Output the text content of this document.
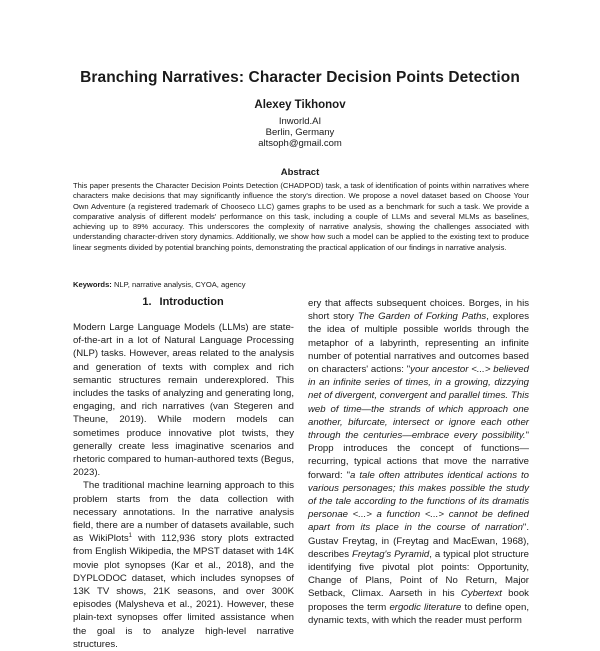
Branching Narratives: Character Decision Points Detection
Alexey Tikhonov
Inworld.AI
Berlin, Germany
altsoph@gmail.com
Abstract
This paper presents the Character Decision Points Detection (CHADPOD) task, a task of identification of points within narratives where characters make decisions that may significantly influence the story's direction. We propose a novel dataset based on Choose Your Own Adventure (a registered trademark of Chooseco LLC) games graphs to be used as a benchmark for such a task. We provide a comparative analysis of different models' performance on this task, including a couple of LLMs and several MLMs as baselines, achieving up to 89% accuracy. This underscores the complexity of narrative analysis, showing the challenges associated with understanding character-driven story dynamics. Additionally, we show how such a model can be applied to the existing text to produce linear segments divided by potential branching points, demonstrating the practical application of our findings in narrative analysis.
Keywords: NLP, narrative analysis, CYOA, agency
1. Introduction

Modern Large Language Models (LLMs) are state-of-the-art in a lot of Natural Language Processing (NLP) tasks. However, areas related to the analysis and generation of texts with complex and rich semantic structures remain underexplored. This includes the tasks of analyzing and generating long, engaging, and rich narratives (van Stegeren and Theune, 2019). While modern models can sometimes produce innovative plot twists, they generally create less imaginative scenarios and rhetoric compared to human-authored texts (Begus, 2023).

The traditional machine learning approach to this problem starts from the data collection with necessary annotations. In the narrative analysis field, there are a number of datasets available, such as WikiPlots$^1$ with 112,936 story plots extracted from English Wikipedia, the MPST dataset with 14K movie plot synopses (Kar et al., 2018), and the DYPLODOC dataset, which includes synopses of 13K TV shows, 21K seasons, and over 300K episodes (Malysheva et al., 2021). However, these plain-text synopses offer limited assistance when the goal is to analyze high-level narrative structures.

ery that affects subsequent choices. Borges, in his short story The Garden of Forking Paths, explores the idea of multiple possible worlds through the metaphor of a labyrinth, representing an infinite number of potential narratives and outcomes based on characters' actions: "your ancestor <...> believed in an infinite series of times, in a growing, dizzying net of divergent, convergent and parallel times. This web of time—the strands of which approach one another, bifurcate, intersect or ignore each other through the centuries—embrace every possibility." Propp introduces the concept of functions—recurring, typical actions that move the narrative forward: "a tale often attributes identical actions to various personages; this makes possible the study of the tale according to the functions of its dramatis personae <...> a function <...> cannot be defined apart from its place in the course of narration". Gustav Freytag, in (Freytag and MacEwan, 1968), describes Freytag's Pyramid, a typical plot structure identifying five pivotal plot points: Opportunity, Change of Plans, Point of No Return, Major Setback, Climax. Aarseth in his Cybertext book proposes the term ergodic literature to define open, dynamic texts, with which the reader must perform
